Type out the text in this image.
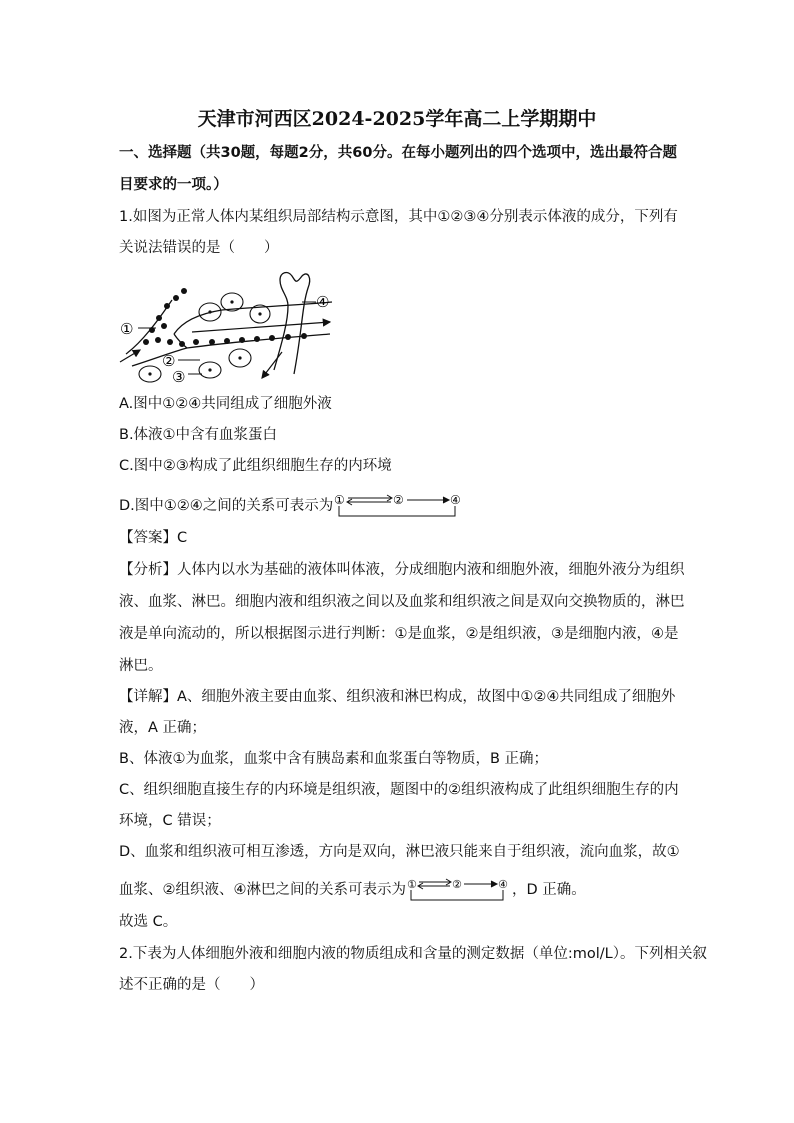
天津市河西区2024-2025学年高二上学期期中
一、选择题（共30题，每题2分，共60分。在每小题列出的四个选项中，选出最符合题
目要求的一项。）
1.如图为正常人体内某组织局部结构示意图，其中①②③④分别表示体液的成分，下列有
关说法错误的是（　　）
①
②
③
④
A.图中①②④共同组成了细胞外液
B.体液①中含有血浆蛋白
C.图中②③构成了此组织细胞生存的内环境
D.图中①②④之间的关系可表示为 ①	②	④
【答案】C
【分析】人体内以水为基础的液体叫体液，分成细胞内液和细胞外液，细胞外液分为组织
液、血浆、淋巴。细胞内液和组织液之间以及血浆和组织液之间是双向交换物质的，淋巴
液是单向流动的，所以根据图示进行判断：①是血浆，②是组织液，③是细胞内液，④是
淋巴。
【详解】A、细胞外液主要由血浆、组织液和淋巴构成，故图中①②④共同组成了细胞外
液，A 正确；
B、体液①为血浆，血浆中含有胰岛素和血浆蛋白等物质，B 正确；
C、组织细胞直接生存的内环境是组织液，题图中的②组织液构成了此组织细胞生存的内
环境，C 错误；
D、血浆和组织液可相互渗透，方向是双向，淋巴液只能来自于组织液，流向血浆，故①
血浆、②组织液、④淋巴之间的关系可表示为 ①	②	④ ，D 正确。
故选 C。
2.下表为人体细胞外液和细胞内液的物质组成和含量的测定数据（单位:mol/L）。下列相关叙
述不正确的是（　　）
